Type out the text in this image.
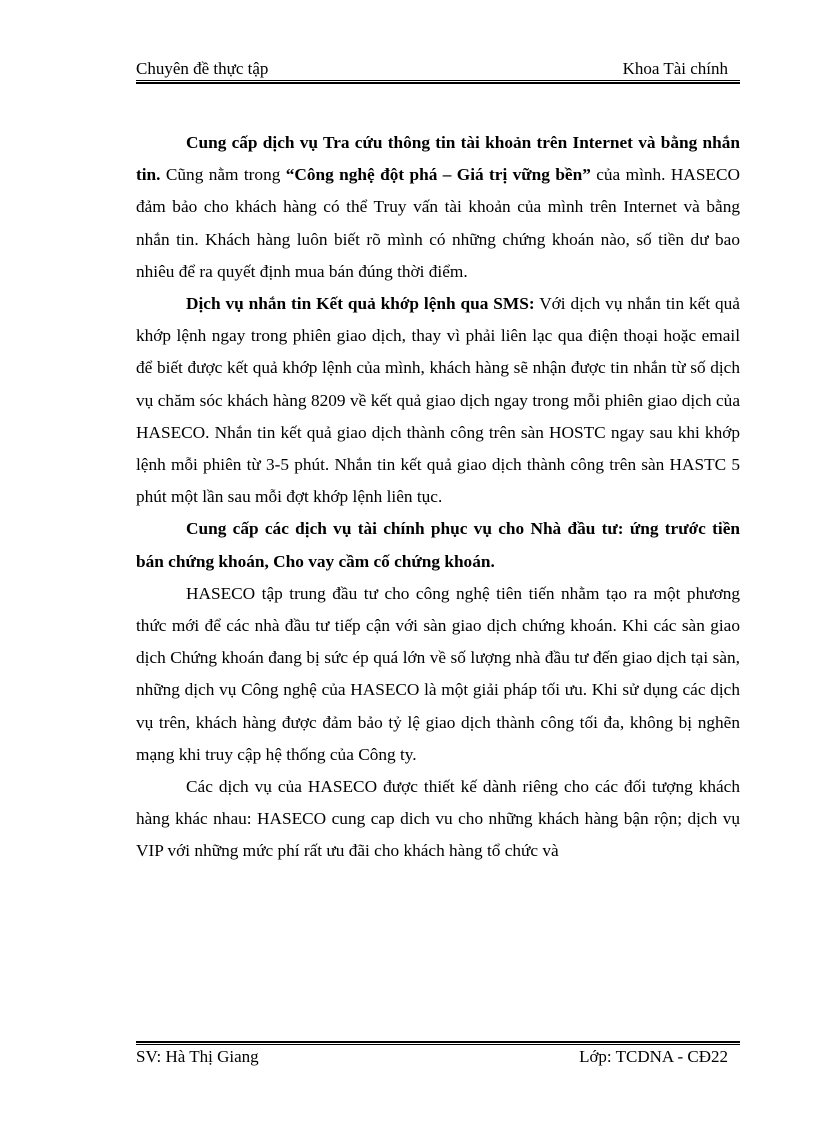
Chuyên đề thực tập	Khoa Tài chính

Cung cấp dịch vụ Tra cứu thông tin tài khoản trên Internet và bằng nhắn tin. Cũng nằm trong “Công nghệ đột phá – Giá trị vững bền” của mình. HASECO đảm bảo cho khách hàng có thể Truy vấn tài khoản của mình trên Internet và bằng nhắn tin. Khách hàng luôn biết rõ mình có những chứng khoán nào, số tiền dư bao nhiêu để ra quyết định mua bán đúng thời điểm.

Dịch vụ nhắn tin Kết quả khớp lệnh qua SMS: Với dịch vụ nhắn tin kết quả khớp lệnh ngay trong phiên giao dịch, thay vì phải liên lạc qua điện thoại hoặc email để biết được kết quả khớp lệnh của mình, khách hàng sẽ nhận được tin nhắn từ số dịch vụ chăm sóc khách hàng 8209 về kết quả giao dịch ngay trong mỗi phiên giao dịch của HASECO. Nhắn tin kết quả giao dịch thành công trên sàn HOSTC ngay sau khi khớp lệnh mỗi phiên từ 3-5 phút. Nhắn tin kết quả giao dịch thành công trên sàn HASTC 5 phút một lần sau mỗi đợt khớp lệnh liên tục.

Cung cấp các dịch vụ tài chính phục vụ cho Nhà đầu tư: ứng trước tiền bán chứng khoán, Cho vay cầm cố chứng khoán.

HASECO tập trung đầu tư cho công nghệ tiên tiến nhằm tạo ra một phương thức mới để các nhà đầu tư tiếp cận với sàn giao dịch chứng khoán. Khi các sàn giao dịch Chứng khoán đang bị sức ép quá lớn về số lượng nhà đầu tư đến giao dịch tại sàn, những dịch vụ Công nghệ của HASECO là một giải pháp tối ưu. Khi sử dụng các dịch vụ trên, khách hàng được đảm bảo tỷ lệ giao dịch thành công tối đa, không bị nghẽn mạng khi truy cập hệ thống của Công ty.

Các dịch vụ của HASECO được thiết kế dành riêng cho các đối tượng khách hàng khác nhau: HASECO cung cap dich vu cho những khách hàng bận rộn; dịch vụ VIP với những mức phí rất ưu đãi cho khách hàng tổ chức và

SV: Hà Thị Giang	Lớp: TCDNA - CĐ22
